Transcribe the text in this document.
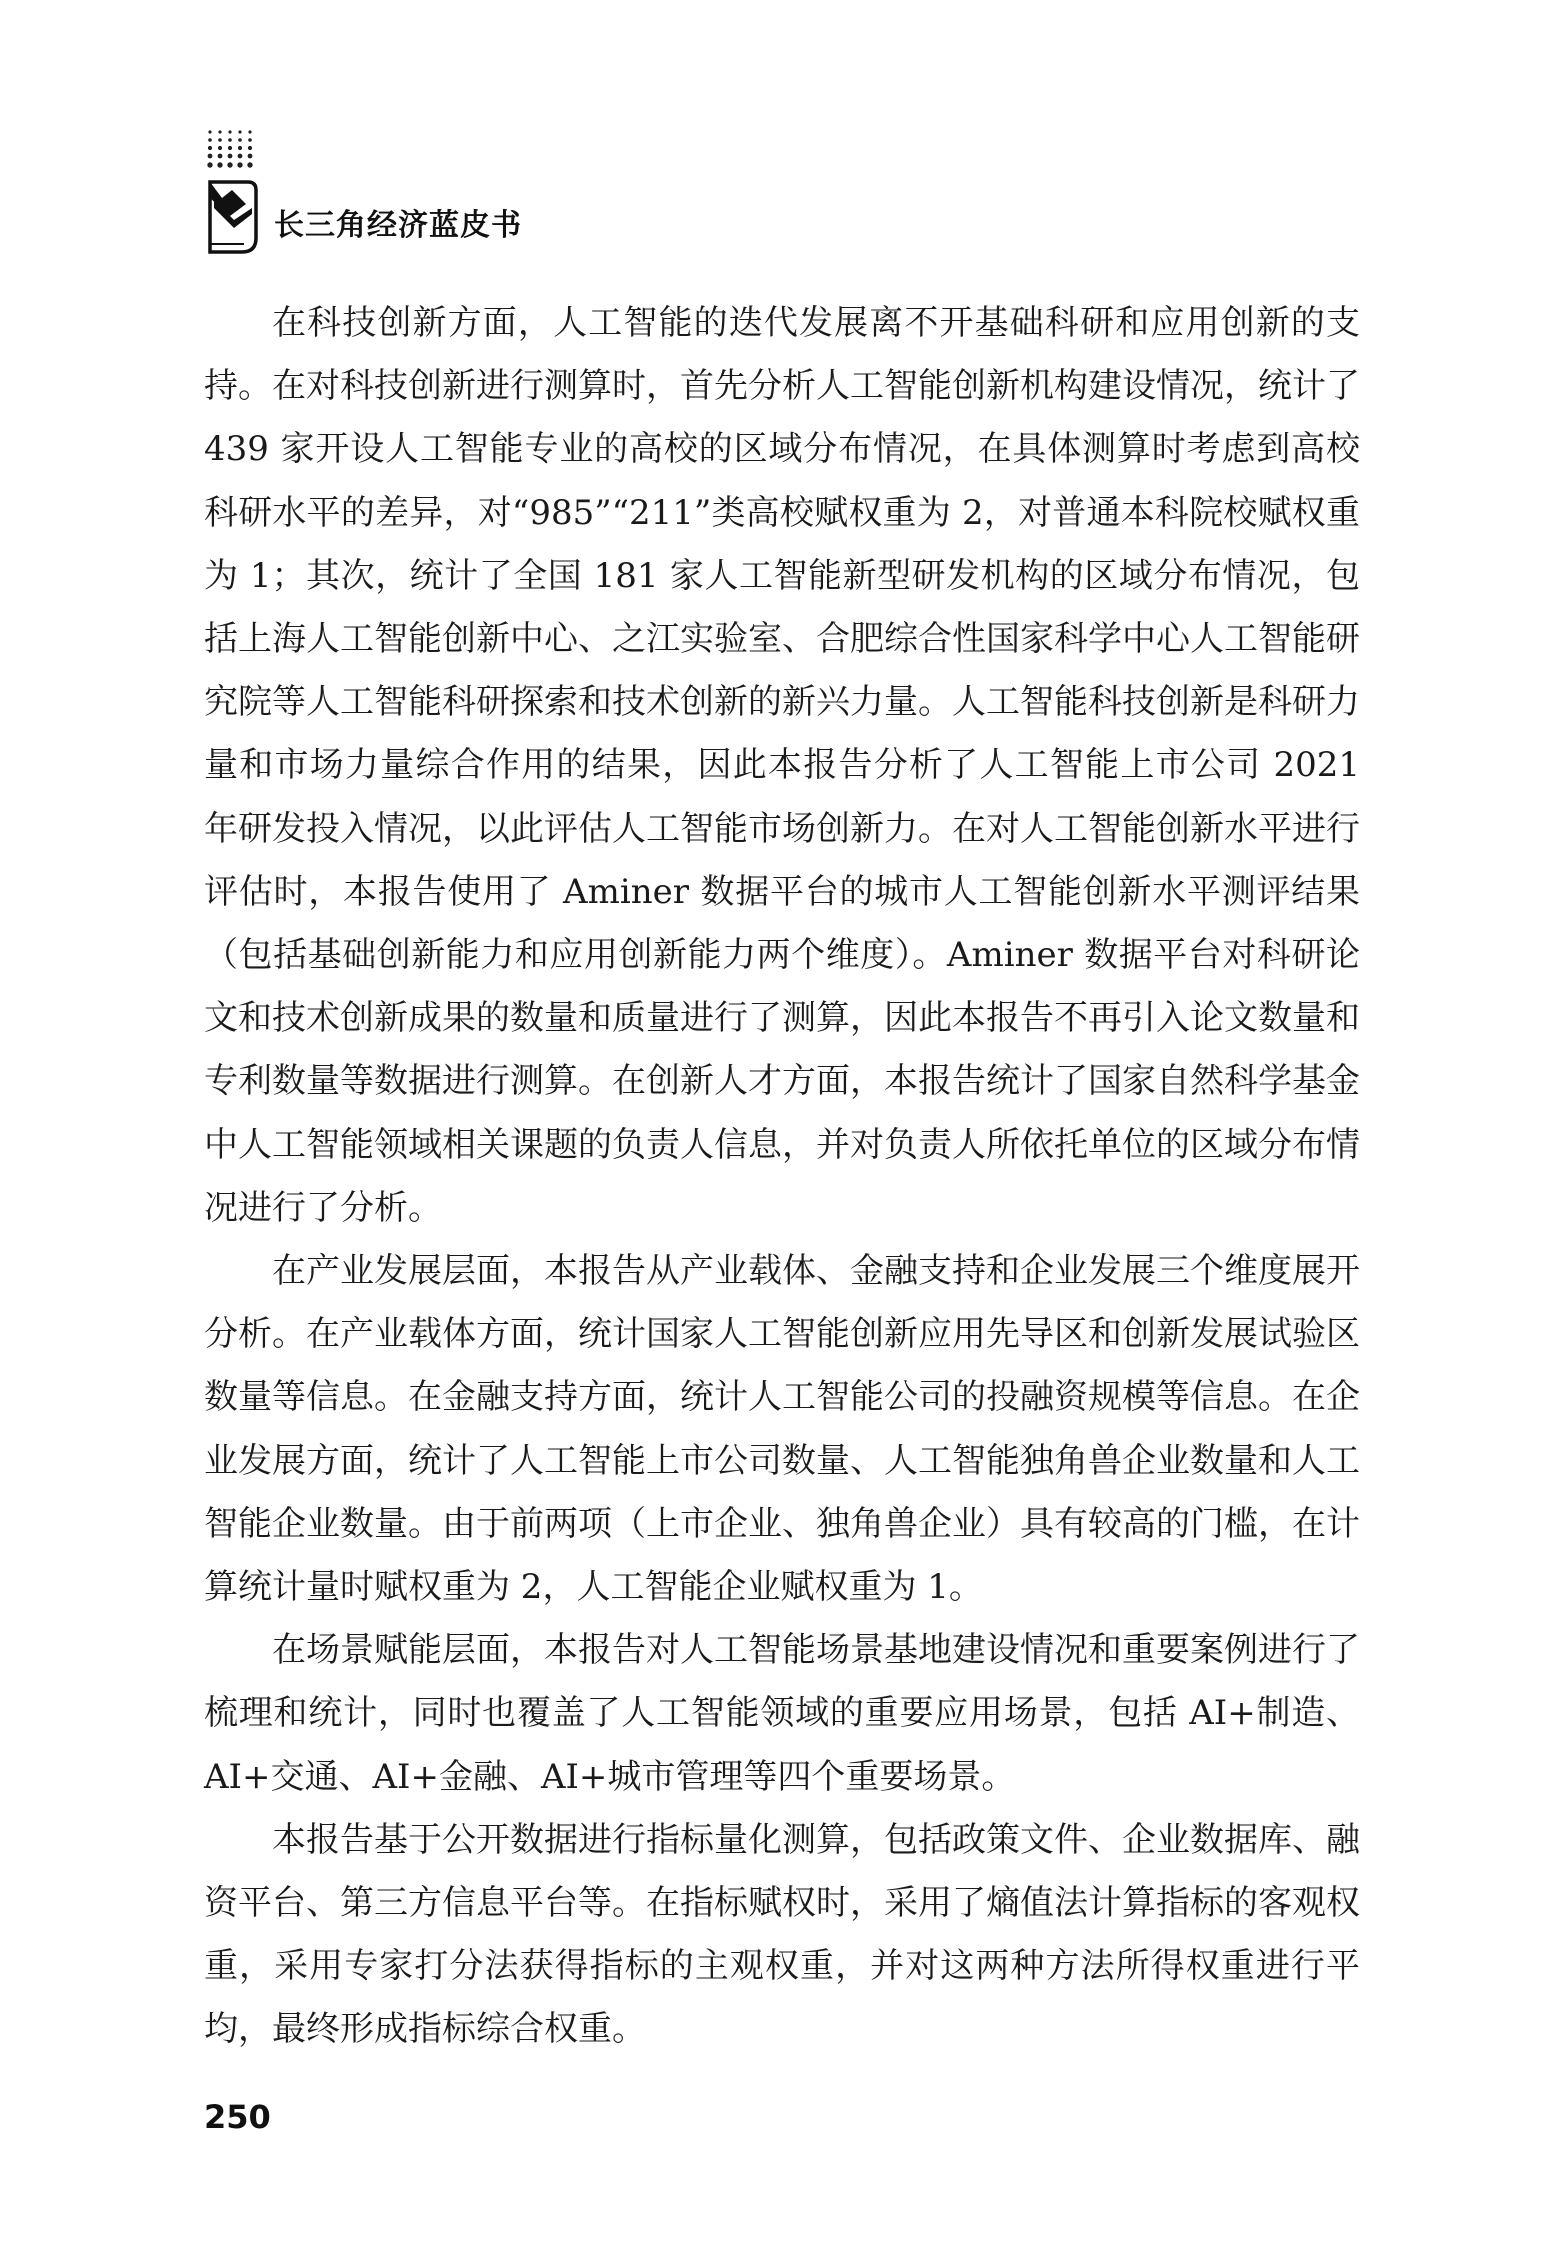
长三角经济蓝皮书

在科技创新方面，人工智能的迭代发展离不开基础科研和应用创新的支持。在对科技创新进行测算时，首先分析人工智能创新机构建设情况，统计了 439 家开设人工智能专业的高校的区域分布情况，在具体测算时考虑到高校科研水平的差异，对“985”“211”类高校赋权重为 2，对普通本科院校赋权重为 1；其次，统计了全国 181 家人工智能新型研发机构的区域分布情况，包括上海人工智能创新中心、之江实验室、合肥综合性国家科学中心人工智能研究院等人工智能科研探索和技术创新的新兴力量。人工智能科技创新是科研力量和市场力量综合作用的结果，因此本报告分析了人工智能上市公司 2021 年研发投入情况，以此评估人工智能市场创新力。在对人工智能创新水平进行评估时，本报告使用了 Aminer 数据平台的城市人工智能创新水平测评结果（包括基础创新能力和应用创新能力两个维度）。Aminer 数据平台对科研论文和技术创新成果的数量和质量进行了测算，因此本报告不再引入论文数量和专利数量等数据进行测算。在创新人才方面，本报告统计了国家自然科学基金中人工智能领域相关课题的负责人信息，并对负责人所依托单位的区域分布情况进行了分析。

在产业发展层面，本报告从产业载体、金融支持和企业发展三个维度展开分析。在产业载体方面，统计国家人工智能创新应用先导区和创新发展试验区数量等信息。在金融支持方面，统计人工智能公司的投融资规模等信息。在企业发展方面，统计了人工智能上市公司数量、人工智能独角兽企业数量和人工智能企业数量。由于前两项（上市企业、独角兽企业）具有较高的门槛，在计算统计量时赋权重为 2，人工智能企业赋权重为 1。

在场景赋能层面，本报告对人工智能场景基地建设情况和重要案例进行了梳理和统计，同时也覆盖了人工智能领域的重要应用场景，包括 AI+制造、AI+交通、AI+金融、AI+城市管理等四个重要场景。

本报告基于公开数据进行指标量化测算，包括政策文件、企业数据库、融资平台、第三方信息平台等。在指标赋权时，采用了熵值法计算指标的客观权重，采用专家打分法获得指标的主观权重，并对这两种方法所得权重进行平均，最终形成指标综合权重。

250
